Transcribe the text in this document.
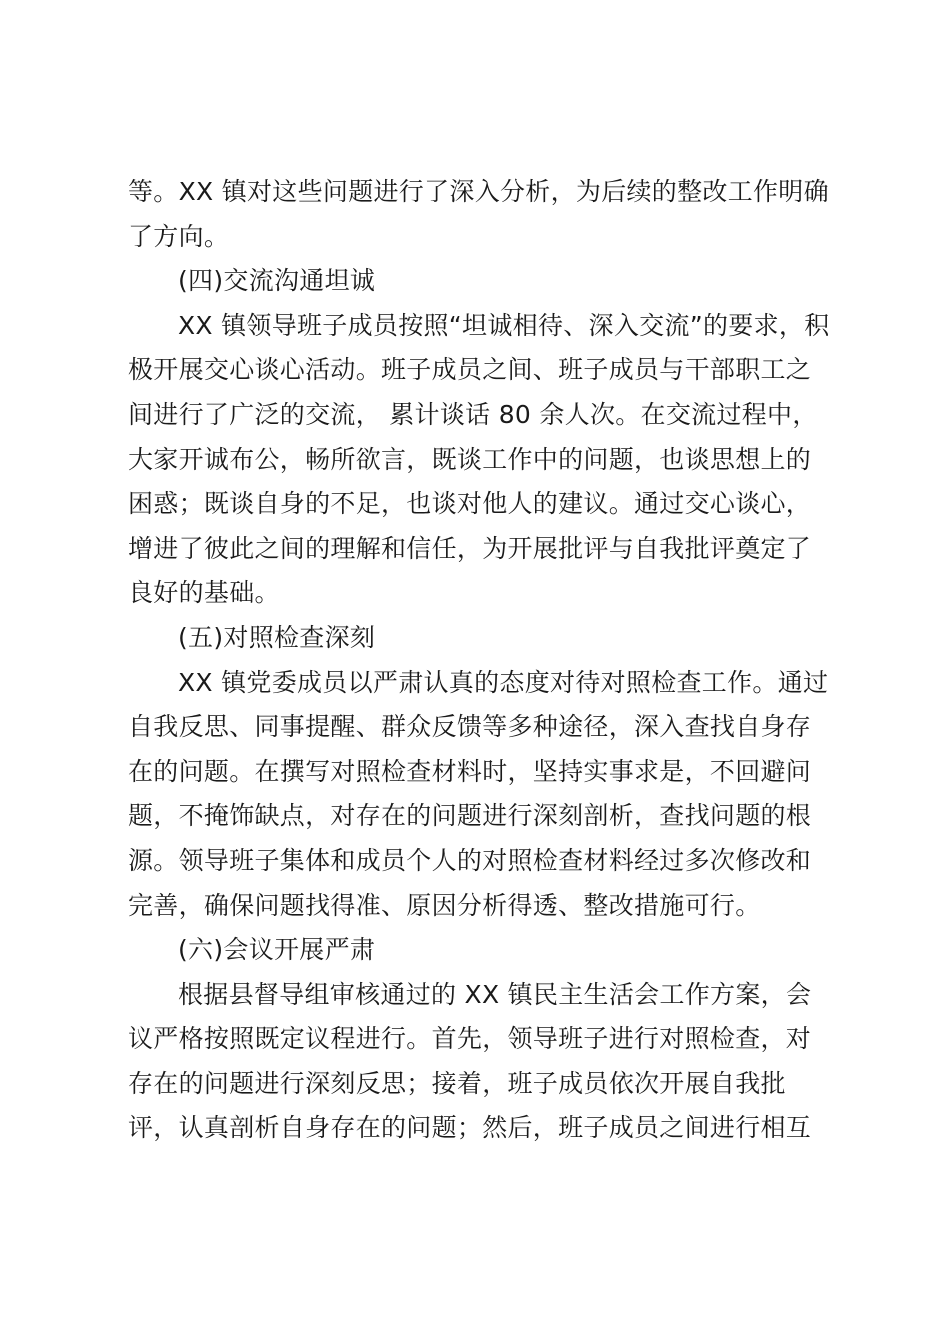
等。XX 镇对这些问题进行了深入分析，为后续的整改工作明确
了方向。
(四)交流沟通坦诚
XX 镇领导班子成员按照“坦诚相待、深入交流”的要求，积
极开展交心谈心活动。班子成员之间、班子成员与干部职工之
间进行了广泛的交流， 累计谈话 80 余人次。在交流过程中，
大家开诚布公，畅所欲言，既谈工作中的问题，也谈思想上的
困惑；既谈自身的不足，也谈对他人的建议。通过交心谈心，
增进了彼此之间的理解和信任，为开展批评与自我批评奠定了
良好的基础。
(五)对照检查深刻
XX 镇党委成员以严肃认真的态度对待对照检查工作。通过
自我反思、同事提醒、群众反馈等多种途径，深入查找自身存
在的问题。在撰写对照检查材料时，坚持实事求是，不回避问
题，不掩饰缺点，对存在的问题进行深刻剖析，查找问题的根
源。领导班子集体和成员个人的对照检查材料经过多次修改和
完善，确保问题找得准、原因分析得透、整改措施可行。
(六)会议开展严肃
根据县督导组审核通过的 XX 镇民主生活会工作方案，会
议严格按照既定议程进行。首先，领导班子进行对照检查，对
存在的问题进行深刻反思；接着，班子成员依次开展自我批
评，认真剖析自身存在的问题；然后，班子成员之间进行相互
